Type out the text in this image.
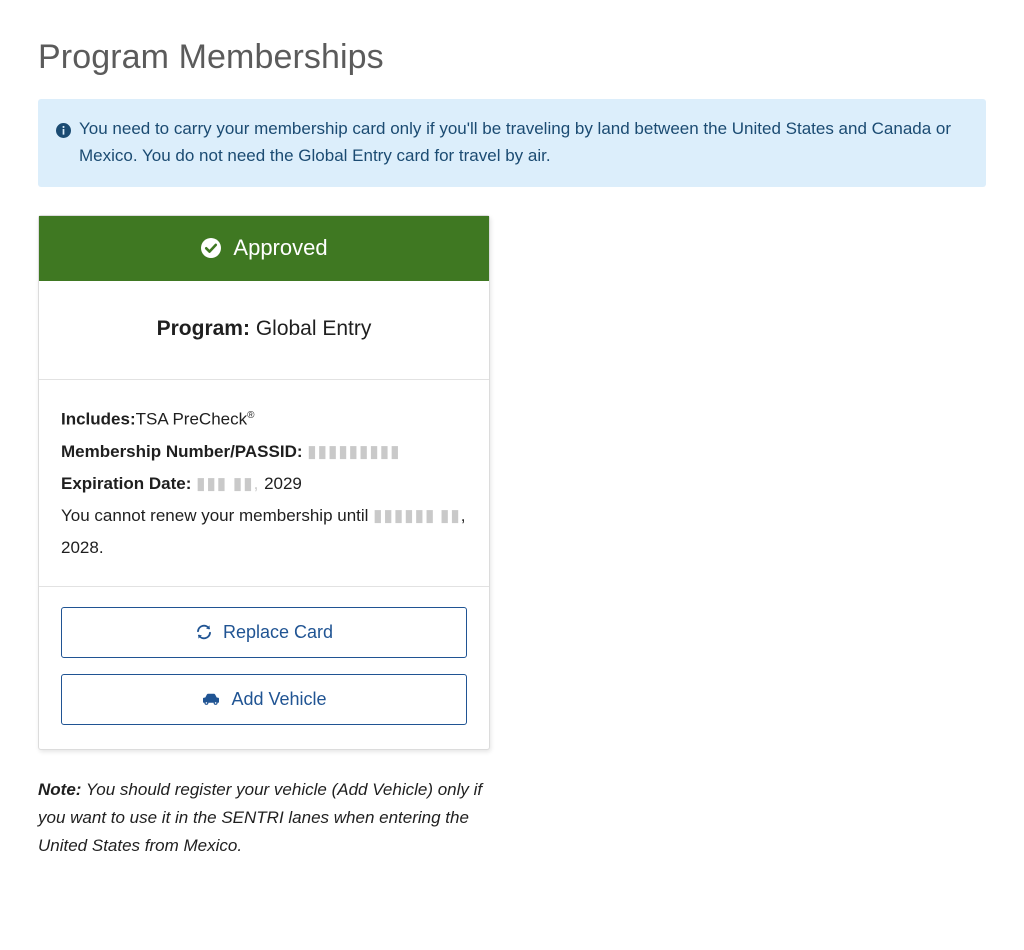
Program Memberships
You need to carry your membership card only if you'll be traveling by land between the United States and Canada or Mexico. You do not need the Global Entry card for travel by air.
Approved
Program: Global Entry
Includes:TSA PreCheck®
Membership Number/PASSID: ▮▮▮▮▮▮▮▮▮
Expiration Date: ▮▮▮ ▮▮, 2029
You cannot renew your membership until ▮▮▮▮▮▮ ▮▮, 2028.
Replace Card
Add Vehicle
Note: You should register your vehicle (Add Vehicle) only if you want to use it in the SENTRI lanes when entering the United States from Mexico.
